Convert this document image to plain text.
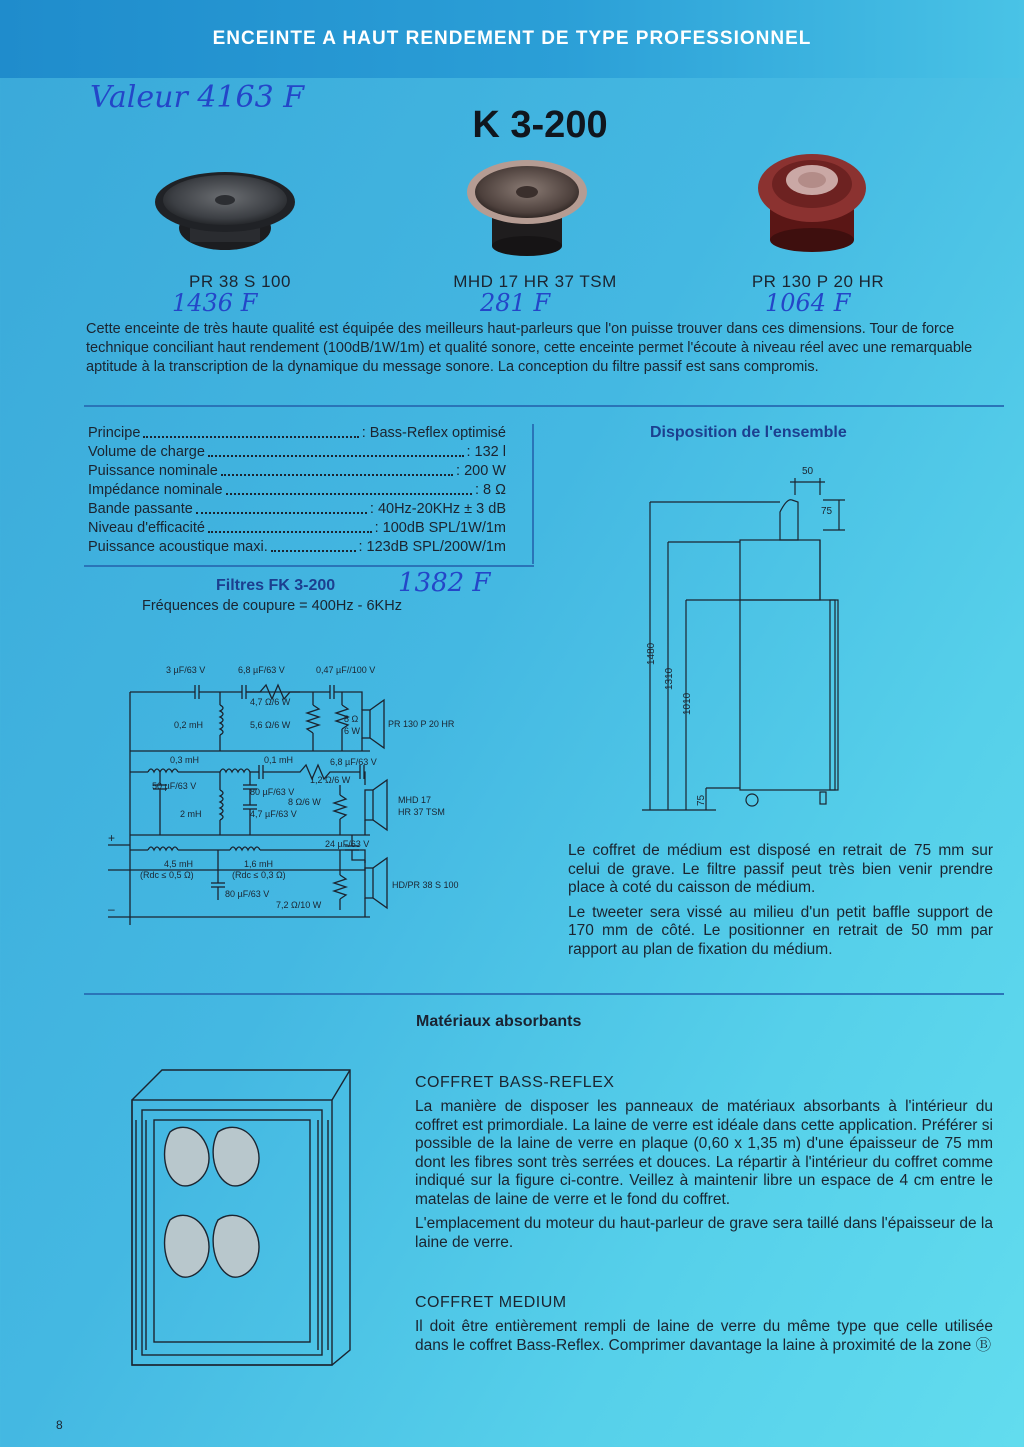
ENCEINTE A HAUT RENDEMENT DE TYPE PROFESSIONNEL
Valeur 4163 F
K 3-200
PR 38 S 100
1436 F
MHD 17 HR 37 TSM
281 F
PR 130 P 20 HR
1064 F
Cette enceinte de très haute qualité est équipée des meilleurs haut-parleurs que l'on puisse trouver dans ces dimensions. Tour de force technique conciliant haut rendement (100dB/1W/1m) et qualité sonore, cette enceinte permet l'écoute à niveau réel avec une remarquable aptitude à la transcription de la dynamique du message sonore. La conception du filtre passif est sans compromis.
Principe	: Bass-Reflex optimisé
Volume de charge	: 132 l
Puissance nominale	: 200 W
Impédance nominale	: 8 Ω
Bande passante	: 40Hz-20KHz ± 3 dB
Niveau d'efficacité	: 100dB SPL/1W/1m
Puissance acoustique maxi.	: 123dB SPL/200W/1m
Filtres FK 3-200 1382 F
Fréquences de coupure = 400Hz - 6KHz
3 µF/63 V	6,8 µF/63 V	0,47 µF//100 V
4,7 Ω/6 W
0,2 mH	5,6 Ω/6 W
8 Ω
6 W
PR 130 P 20 HR
0,3 mH	0,1 mH	6,8 µF/63 V
1,2 Ω/6 W
50 µF/63 V
80 µF/63 V
8 Ω/6 W
2 mH	4,7 µF/63 V
MHD 17
HR 37 TSM
24 µF/63 V
4,5 mH
(Rdc ≤ 0,5 Ω)
1,6 mH
(Rdc ≤ 0,3 Ω)
80 µF/63 V
7,2 Ω/10 W
HD/PR 38 S 100
+
–
Disposition de l'ensemble
50
75
1480
1310
1010
75

Le coffret de médium est disposé en retrait de 75 mm sur celui de grave. Le filtre passif peut très bien venir prendre place à coté du caisson de médium.

Le tweeter sera vissé au milieu d'un petit baffle support de 170 mm de côté. Le positionner en retrait de 50 mm par rapport au plan de fixation du médium.

Matériaux absorbants
COFFRET BASS-REFLEX

La manière de disposer les panneaux de matériaux absorbants à l'intérieur du coffret est primordiale. La laine de verre est idéale dans cette application. Préférer si possible de la laine de verre en plaque (0,60 x 1,35 m) d'une épaisseur de 75 mm dont les fibres sont très serrées et douces. La répartir à l'intérieur du coffret comme indiqué sur la figure ci-contre. Veillez à maintenir libre un espace de 4 cm entre le matelas de laine de verre et le fond du coffret.

L'emplacement du moteur du haut-parleur de grave sera taillé dans l'épaisseur de la laine de verre.

COFFRET MEDIUM
Il doit être entièrement rempli de laine de verre du même type que celle utilisée dans le coffret Bass-Reflex. Comprimer davantage la laine à proximité de la zone Ⓑ
8
